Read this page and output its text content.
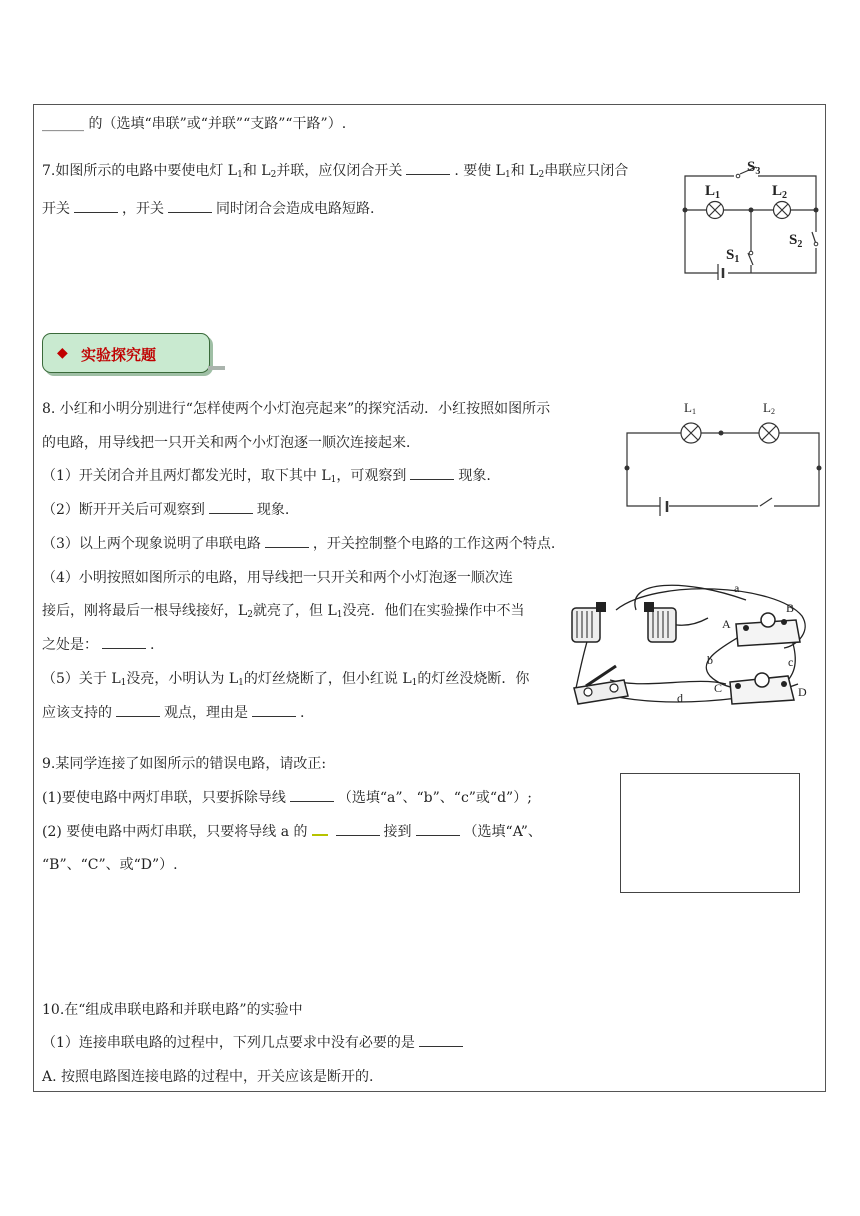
______ 的（选填“串联”或“并联”“支路”“干路”）.
7.如图所示的电路中要使电灯 $L_1$和 $L_2$并联，应仅闭合开关	. 要使 $L_1$和 $L_2$串联应只闭合
开关	，开关	同时闭合会造成电路短路.
$S_3$
$L_1$	$L_2$
$S_1$
$S_2$
◆ 实验探究题
8. 小红和小明分别进行“怎样使两个小灯泡亮起来”的探究活动．小红按照如图所示
的电路，用导线把一只开关和两个小灯泡逐一顺次连接起来．
（1）开关闭合并且两灯都发光时，取下其中 $L_1$，可观察到	现象.
（2）断开开关后可观察到	现象.
（3）以上两个现象说明了串联电路	，开关控制整个电路的工作这两个特点.
（4）小明按照如图所示的电路，用导线把一只开关和两个小灯泡逐一顺次连
接后，刚将最后一根导线接好，$L_2$就亮了，但 $L_1$没亮．他们在实验操作中不当
之处是：	.
（5）关于 $L_1$没亮，小明认为 $L_1$的灯丝烧断了，但小红说 $L_1$的灯丝没烧断．你
应该支持的	观点，理由是	.
L1	L2
a
b	c
d
A
B
C	D
9.某同学连接了如图所示的错误电路，请改正:
(1)要使电路中两灯串联，只要拆除导线	（选填“a”、“b”、“c”或“d”）;
(2) 要使电路中两灯串联，只要将导线 a 的	接到	（选填“A”、
“B”、“C”、或“D”）.
10.在“组成串联电路和并联电路”的实验中
（1）连接串联电路的过程中，下列几点要求中没有必要的是
A. 按照电路图连接电路的过程中，开关应该是断开的.
